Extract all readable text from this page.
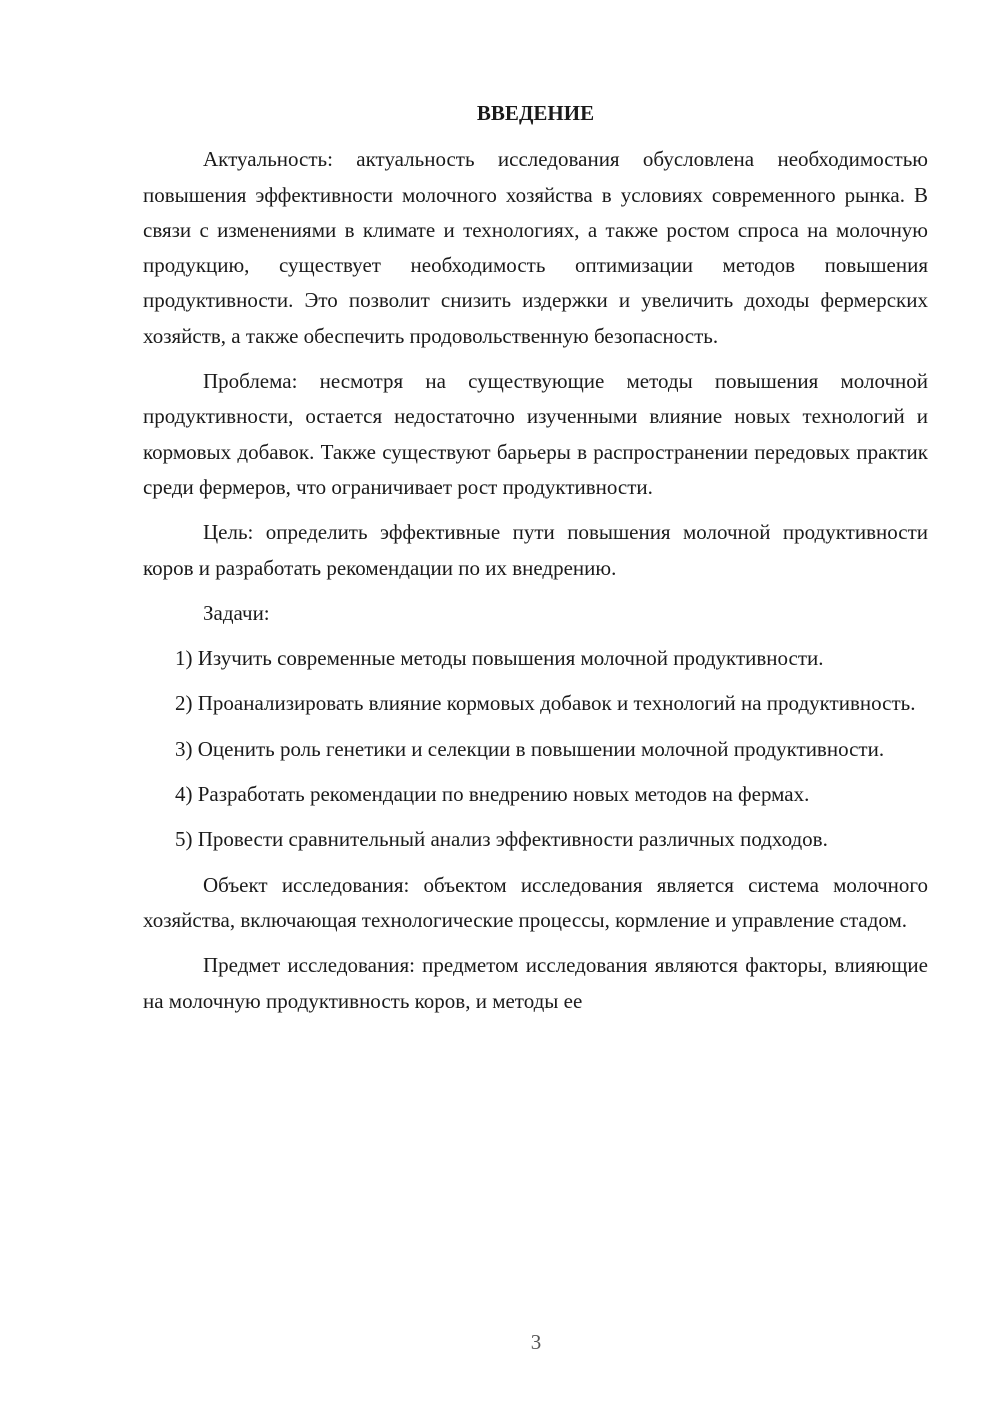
ВВЕДЕНИЕ

Актуальность: актуальность исследования обусловлена необходимостью повышения эффективности молочного хозяйства в условиях современного рынка. В связи с изменениями в климате и технологиях, а также ростом спроса на молочную продукцию, существует необходимость оптимизации методов повышения продуктивности. Это позволит снизить издержки и увеличить доходы фермерских хозяйств, а также обеспечить продовольственную безопасность.

Проблема: несмотря на существующие методы повышения молочной продуктивности, остается недостаточно изученными влияние новых технологий и кормовых добавок. Также существуют барьеры в распространении передовых практик среди фермеров, что ограничивает рост продуктивности.

Цель: определить эффективные пути повышения молочной продуктивности коров и разработать рекомендации по их внедрению.

Задачи:

1) Изучить современные методы повышения молочной продуктивности.

2) Проанализировать влияние кормовых добавок и технологий на продуктивность.

3) Оценить роль генетики и селекции в повышении молочной продуктивности.

4) Разработать рекомендации по внедрению новых методов на фермах.

5) Провести сравнительный анализ эффективности различных подходов.

Объект исследования: объектом исследования является система молочного хозяйства, включающая технологические процессы, кормление и управление стадом.

Предмет исследования: предметом исследования являются факторы, влияющие на молочную продуктивность коров, и методы ее

3
